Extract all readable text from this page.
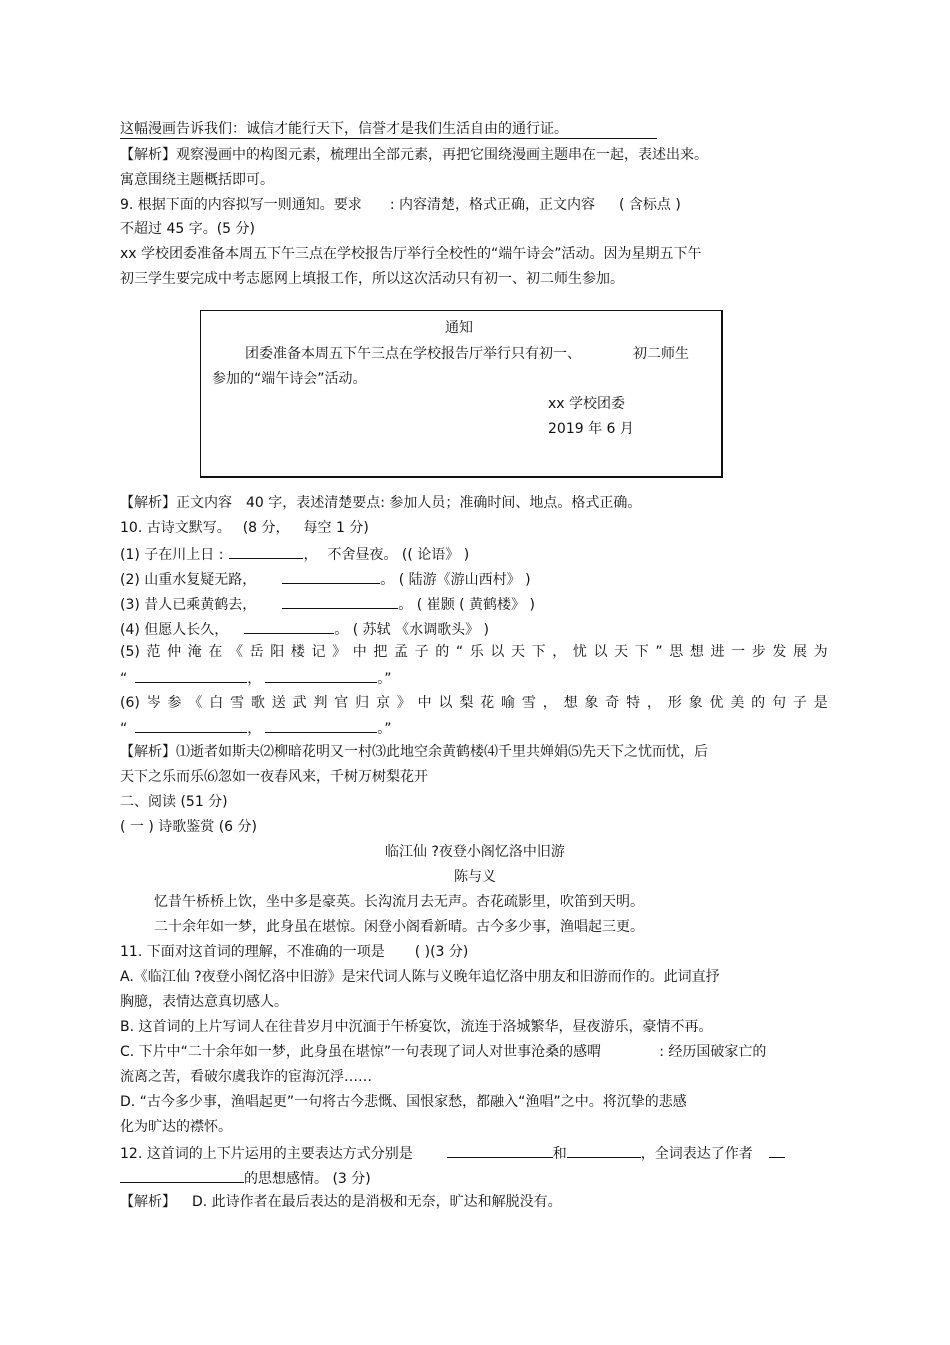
这幅漫画告诉我们：诚信才能行天下，信誉才是我们生活自由的通行证。
【解析】观察漫画中的构图元素，梳理出全部元素，再把它围绕漫画主题串在一起，表述出来。
寓意围绕主题概括即可。
9. 根据下面的内容拟写一则通知。要求 : 内容清楚，格式正确，正文内容 ( 含标点 )
不超过 45 字。(5 分)
xx 学校团委准备本周五下午三点在学校报告厅举行全校性的“端午诗会”活动。因为星期五下午
初三学生要完成中考志愿网上填报工作，所以这次活动只有初一、初二师生参加。
通知
团委准备本周五下午三点在学校报告厅举行只有初一、	初二师生
参加的“端午诗会”活动。
xx 学校团委
2019 年 6 月
【解析】正文内容 40 字，表述清楚要点: 参加人员；准确时间、地点。格式正确。
10. 古诗文默写。 (8 分， 每空 1 分)
(1) 子在川上日 :	， 不舍昼夜。 (( 论语》 )
(2) 山重水复疑无路，	。 ( 陆游《游山西村》 )
(3) 昔人已乘黄鹤去，	。 ( 崔颢 ( 黄鹤楼》 )
(4) 但愿人长久，	。 ( 苏轼 《水调歌头》 )
(5) 范 仲 淹 在 《 岳 阳 楼 记 》 中 把 孟 子 的 “ 乐 以 天 下 ， 忧 以 天 下 ” 思 想 进 一 步 发 展 为
“	，	。”
(6) 岑 参 《 白 雪 歌 送 武 判 官 归 京 》 中 以 梨 花 喻 雪 ， 想 象 奇 特 ， 形 象 优 美 的 句 子 是
“	，	。”
【解析】⑴逝者如斯夫⑵柳暗花明又一村⑶此地空余黄鹤楼⑷千里共婵娟⑸先天下之忧而忧，后
天下之乐而乐⑹忽如一夜春风来，千树万树梨花开
二、阅读 (51 分)
( 一 ) 诗歌鉴赏 (6 分)
临江仙 ?夜登小阁忆洛中旧游
陈与义
忆昔午桥桥上饮，坐中多是豪英。长沟流月去无声。杏花疏影里，吹笛到天明。
二十余年如一梦，此身虽在堪惊。闲登小阁看新晴。古今多少事，渔唱起三更。
11. 下面对这首词的理解，不准确的一项是 ( )(3 分)
A.《临江仙 ?夜登小阁忆洛中旧游》是宋代词人陈与义晚年追忆洛中朋友和旧游而作的。此词直抒
胸臆，表情达意真切感人。
B. 这首词的上片写词人在往昔岁月中沉湎于午桥宴饮，流连于洛城繁华，昼夜游乐，豪情不再。
C. 下片中“二十余年如一梦，此身虽在堪惊”一句表现了词人对世事沧桑的感喟	: 经历国破家亡的
流离之苦，看破尔虞我诈的宦海沉浮……
D. “古今多少事，渔唱起更”一句将古今悲慨、国恨家愁，都融入“渔唱”之中。将沉挚的悲感
化为旷达的襟怀。
12. 这首词的上下片运用的主要表达方式分别是	和	，全词表达了作者
的思想感情。 (3 分)
【解析】 D. 此诗作者在最后表达的是消极和无奈，旷达和解脱没有。
